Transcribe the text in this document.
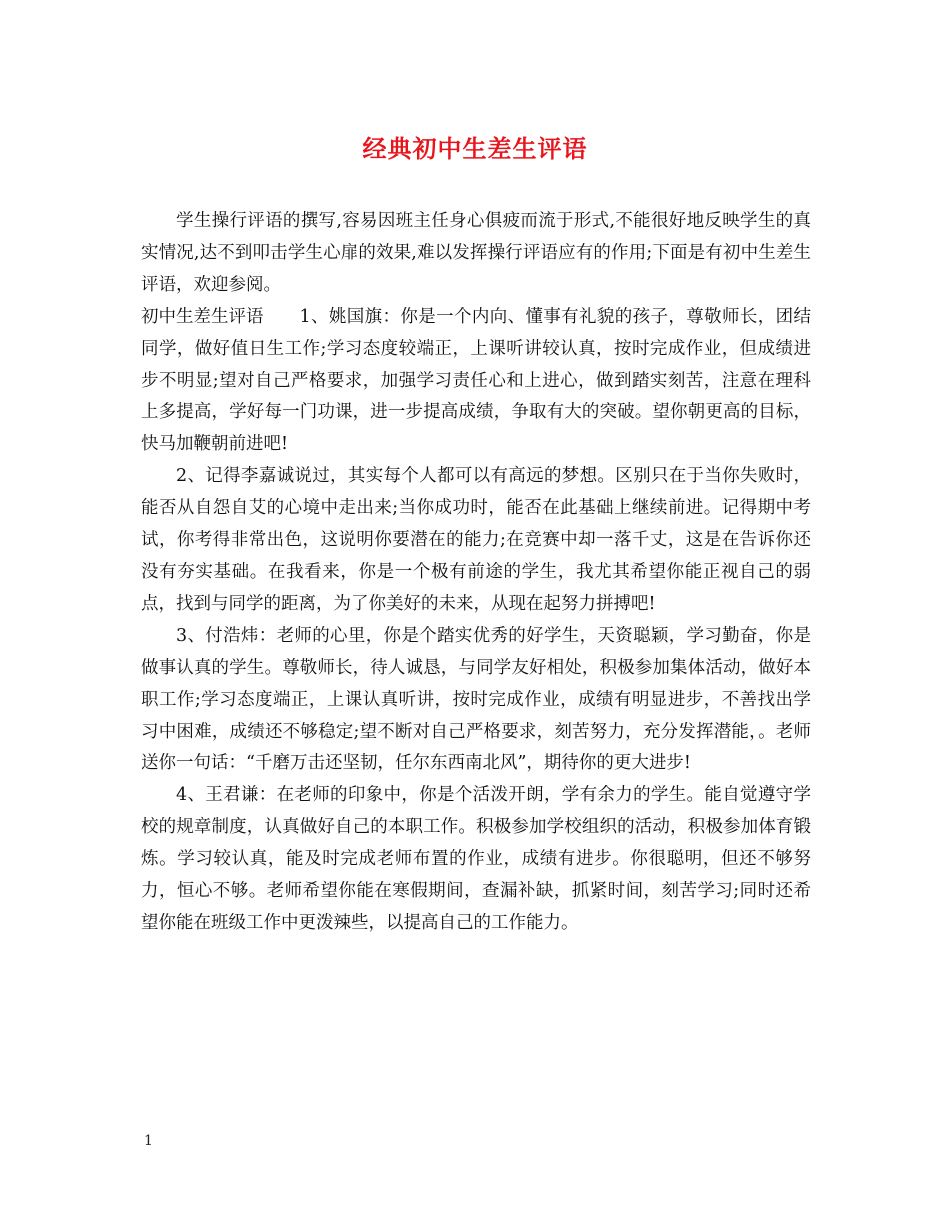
经典初中生差生评语

学生操行评语的撰写,容易因班主任身心俱疲而流于形式,不能很好地反映学生的真实情况,达不到叩击学生心扉的效果,难以发挥操行评语应有的作用;下面是有初中生差生评语，欢迎参阅。

初中生差生评语 1、姚国旗：你是一个内向、懂事有礼貌的孩子，尊敬师长，团结同学，做好值日生工作;学习态度较端正，上课听讲较认真，按时完成作业，但成绩进步不明显;望对自己严格要求，加强学习责任心和上进心，做到踏实刻苦，注意在理科上多提高，学好每一门功课，进一步提高成绩，争取有大的突破。望你朝更高的目标，快马加鞭朝前进吧!

2、记得李嘉诚说过，其实每个人都可以有高远的梦想。区别只在于当你失败时，能否从自怨自艾的心境中走出来;当你成功时，能否在此基础上继续前进。记得期中考试，你考得非常出色，这说明你要潜在的能力;在竞赛中却一落千丈，这是在告诉你还没有夯实基础。在我看来，你是一个极有前途的学生，我尤其希望你能正视自己的弱点，找到与同学的距离，为了你美好的未来，从现在起努力拼搏吧!

3、付浩炜：老师的心里，你是个踏实优秀的好学生，天资聪颖，学习勤奋，你是做事认真的学生。尊敬师长，待人诚恳，与同学友好相处，积极参加集体活动，做好本职工作;学习态度端正，上课认真听讲，按时完成作业，成绩有明显进步，不善找出学习中困难，成绩还不够稳定;望不断对自己严格要求，刻苦努力，充分发挥潜能，。老师送你一句话：“千磨万击还坚韧，任尔东西南北风”，期待你的更大进步!

4、王君谦：在老师的印象中，你是个活泼开朗，学有余力的学生。能自觉遵守学校的规章制度，认真做好自己的本职工作。积极参加学校组织的活动，积极参加体育锻炼。学习较认真，能及时完成老师布置的作业，成绩有进步。你很聪明，但还不够努力，恒心不够。老师希望你能在寒假期间，查漏补缺，抓紧时间，刻苦学习;同时还希望你能在班级工作中更泼辣些，以提高自己的工作能力。

1
